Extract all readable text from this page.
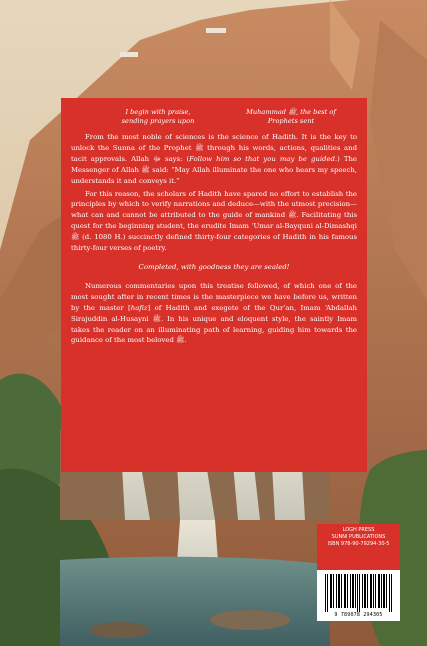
I begin with praise, sending prayers upon
Muhammad ﷺ, the best of Prophets sent

From the most noble of sciences is the science of Hadith. It is the key to unlock the Sunna of the Prophet ﷺ through his words, actions, qualities and tacit approvals. Allah ﷻ says: (Follow him so that you may be guided.) The Messenger of Allah ﷺ said: “May Allah illuminate the one who hears my speech, understands it and conveys it.”

For this reason, the scholars of Hadith have spared no effort to establish the principles by which to verify narrations and deduce—with the utmost precision—what can and cannot be attributed to the guide of mankind ﷺ. Facilitating this quest for the beginning student, the erudite Imam ‘Umar al-Bayquni al-Dimashqi ﷺ (d. 1080 H.) succinctly defined thirty-four categories of Hadith in his famous thirty-four verses of poetry.

Completed, with goodness they are sealed!

Numerous commentaries upon this treatise followed, of which one of the most sought after in recent times is the masterpiece we have before us, written by the master [hafiz] of Hadith and exegete of the Qur’an, Imam ‘Abdallah Sirajuddin al-Husayni ﷺ. In his unique and eloquent style, the saintly Imam takes the reader on an illuminating path of learning, guiding him towards the guidance of the most beloved ﷺ.

LOGH PRESS
SUNNI PUBLICATIONS
ISBN 978-90-79294-30-5
9 789078 294305
